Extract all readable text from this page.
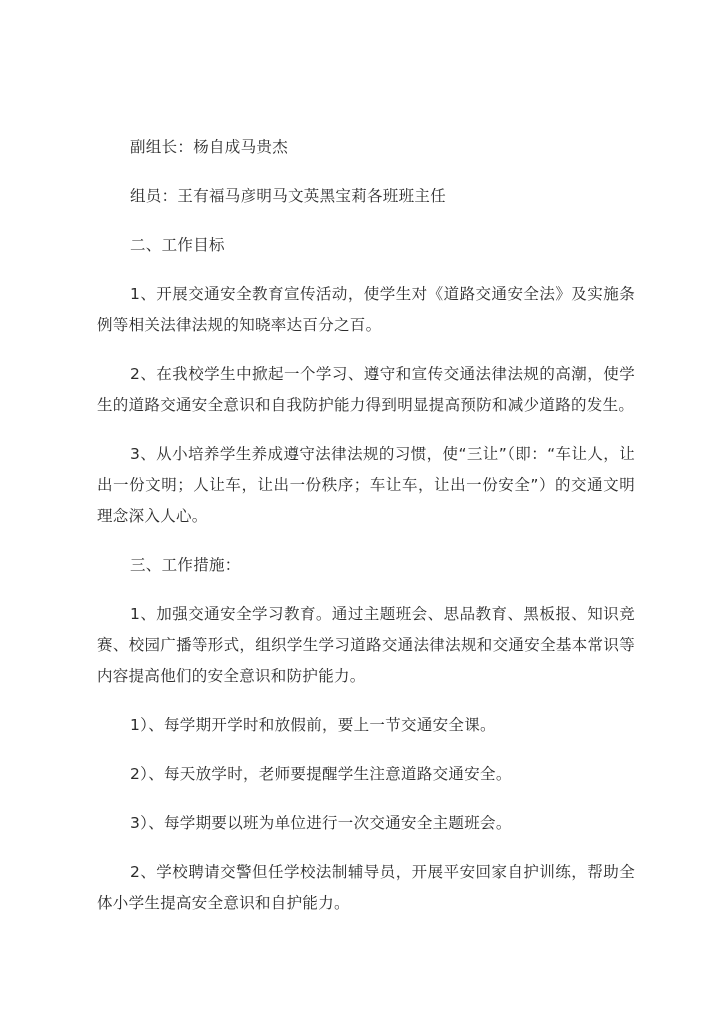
副组长：杨自成马贵杰

组员：王有福马彦明马文英黑宝莉各班班主任

二、工作目标

1、开展交通安全教育宣传活动，使学生对《道路交通安全法》及实施条例等相关法律法规的知晓率达百分之百。

2、在我校学生中掀起一个学习、遵守和宣传交通法律法规的高潮，使学生的道路交通安全意识和自我防护能力得到明显提高预防和减少道路的发生。

3、从小培养学生养成遵守法律法规的习惯，使“三让”（即：“车让人，让出一份文明；人让车，让出一份秩序；车让车，让出一份安全”）的交通文明理念深入人心。

三、工作措施：

1、加强交通安全学习教育。通过主题班会、思品教育、黑板报、知识竞赛、校园广播等形式，组织学生学习道路交通法律法规和交通安全基本常识等内容提高他们的安全意识和防护能力。

1）、每学期开学时和放假前，要上一节交通安全课。

2）、每天放学时，老师要提醒学生注意道路交通安全。

3）、每学期要以班为单位进行一次交通安全主题班会。

2、学校聘请交警但任学校法制辅导员，开展平安回家自护训练，帮助全体小学生提高安全意识和自护能力。
